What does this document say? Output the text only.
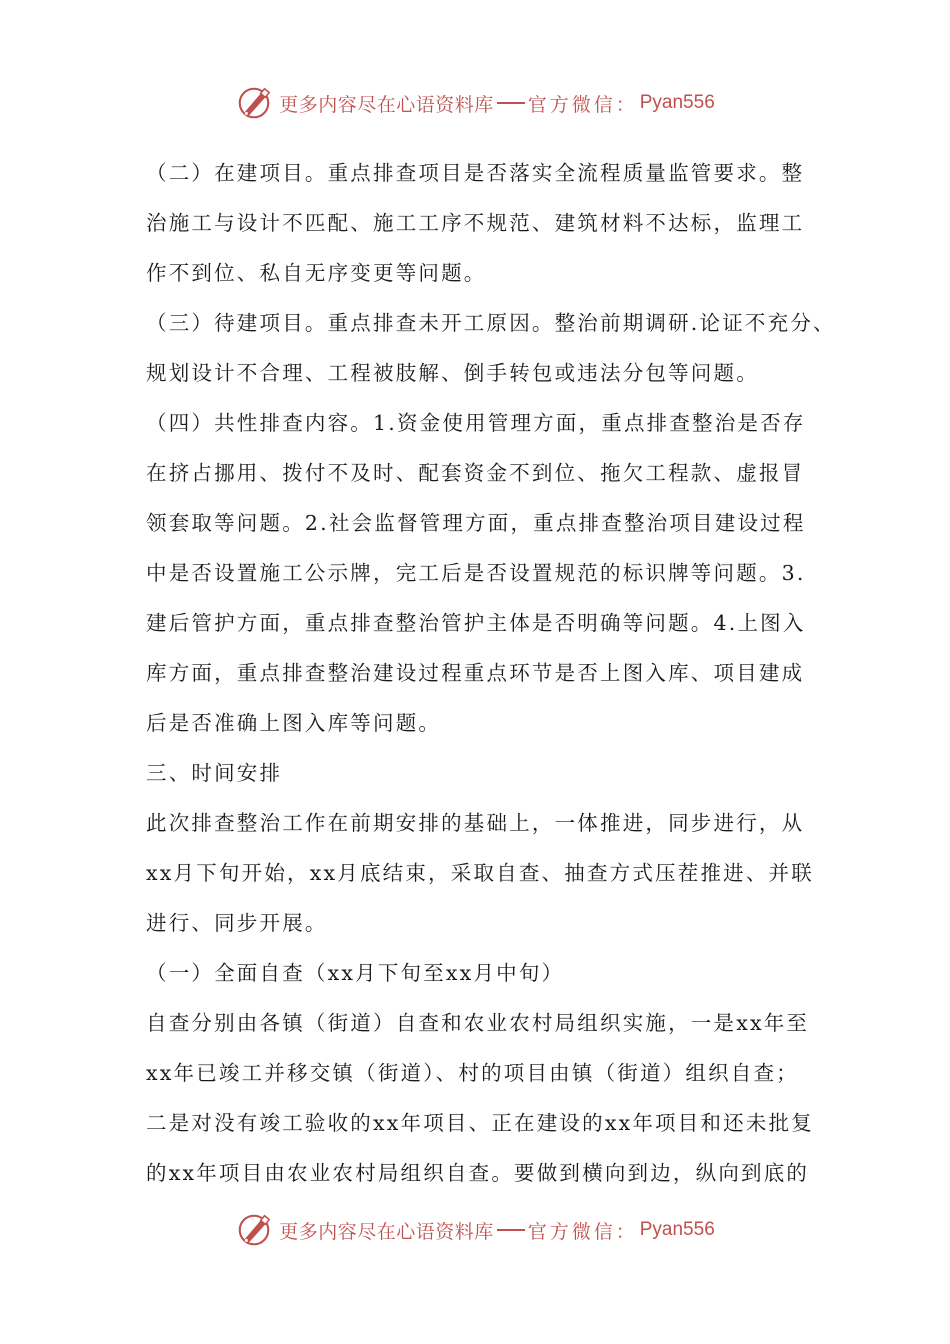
更多内容尽在心语资料库 官方微信： Pyan556
（二）在建项目。重点排查项目是否落实全流程质量监管要求。整
治施工与设计不匹配、施工工序不规范、建筑材料不达标，监理工
作不到位、私自无序变更等问题。
（三）待建项目。重点排查未开工原因。整治前期调研.论证不充分、
规划设计不合理、工程被肢解、倒手转包或违法分包等问题。
（四）共性排查内容。1.资金使用管理方面，重点排查整治是否存
在挤占挪用、拨付不及时、配套资金不到位、拖欠工程款、虚报冒
领套取等问题。2.社会监督管理方面，重点排查整治项目建设过程
中是否设置施工公示牌，完工后是否设置规范的标识牌等问题。3.
建后管护方面，重点排查整治管护主体是否明确等问题。4.上图入
库方面，重点排查整治建设过程重点环节是否上图入库、项目建成
后是否准确上图入库等问题。
三、时间安排
此次排查整治工作在前期安排的基础上，一体推进，同步进行，从
xx月下旬开始，xx月底结束，采取自查、抽查方式压茬推进、并联
进行、同步开展。
（一）全面自查（xx月下旬至xx月中旬）
自查分别由各镇（街道）自查和农业农村局组织实施，一是xx年至
xx年已竣工并移交镇（街道）、村的项目由镇（街道）组织自查；
二是对没有竣工验收的xx年项目、正在建设的xx年项目和还未批复
的xx年项目由农业农村局组织自查。要做到横向到边，纵向到底的
更多内容尽在心语资料库 官方微信： Pyan556
